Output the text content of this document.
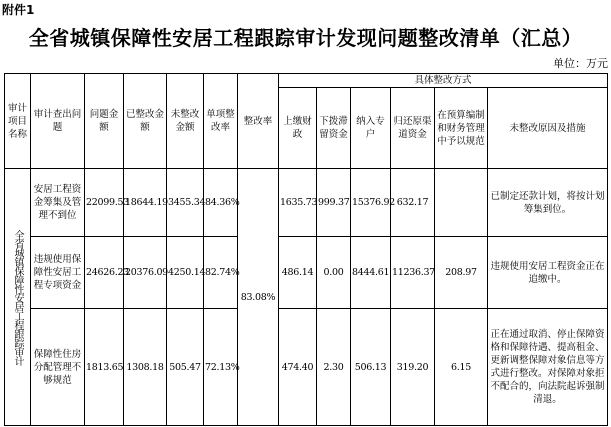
附件1
全省城镇保障性安居工程跟踪审计发现问题整改清单（汇总）
单位：万元
审计项目名称	审计查出问题	问题金额	已整改金额	未整改金额	单项整改率	整改率	具体整改方式					
							上缴财政	下拨滞留资金	纳入专户	归还原渠道资金	在预算编制和财务管理中予以规范	未整改原因及措施
全省城镇保障性安居工程跟踪审计	安居工程资金筹集及管理不到位	22099.53	18644.19	3455.34	84.36%	83.08%	1635.73	999.37	15376.92	632.17		已制定还款计划，将按计划筹集到位。
	违规使用保障性安居工程专项资金	24626.23	20376.09	4250.14	82.74%		486.14	0.00	8444.61	11236.37	208.97	违规使用安居工程资金正在追缴中。
	保障性住房分配管理不够规范	1813.65	1308.18	505.47	72.13%		474.40	2.30	506.13	319.20	6.15	正在通过取消、停止保障资格和保障待遇、提高租金、更新调整保障对象信息等方式进行整改。对保障对象拒不配合的，向法院起诉强制清退。
